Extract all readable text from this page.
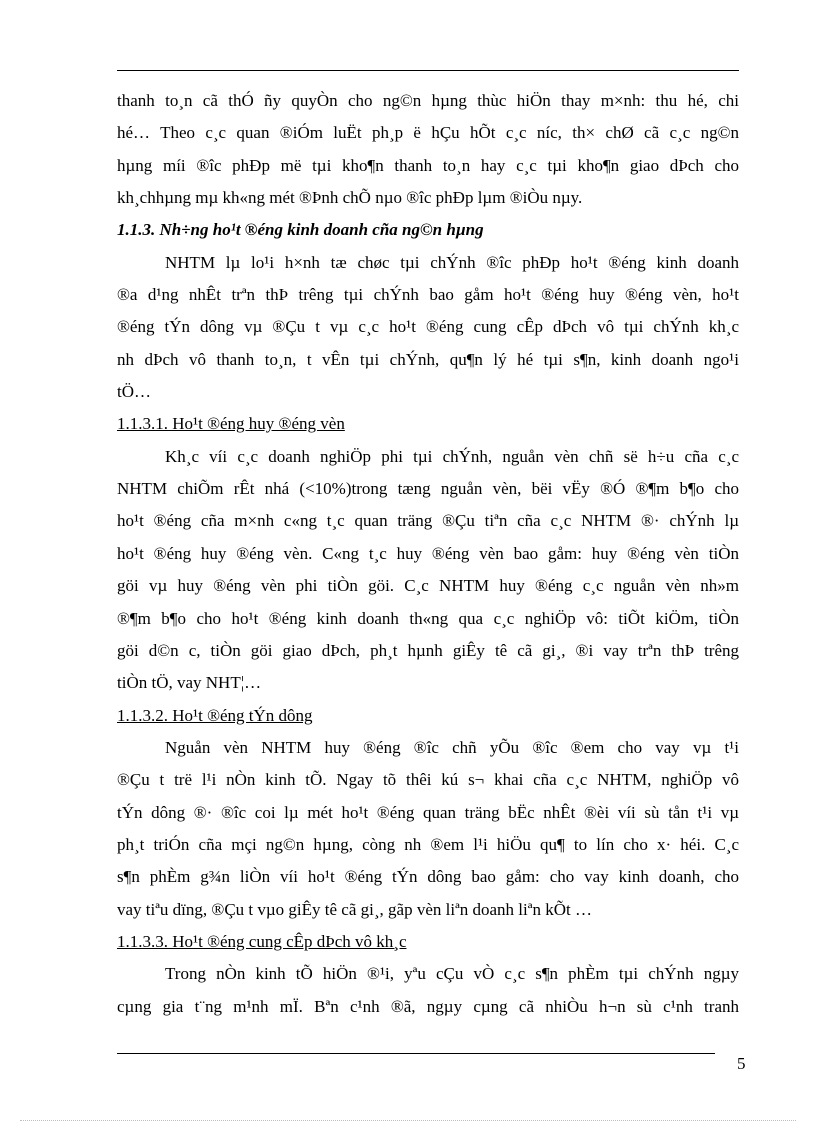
thanh to¸n cã thÓ ñy quyÒn cho ng©n hµng thùc hiÖn thay m×nh: thu hé, chi
hé… Theo c¸c quan ®iÓm luËt ph¸p ë hÇu hÕt c¸c níc, th× chØ cã c¸c ng©n
hµng míi ®îc phÐp më tµi kho¶n thanh to¸n hay c¸c tµi kho¶n giao dÞch cho
kh¸chhµng mµ kh«ng mét ®Þnh chÕ nµo ®îc phÐp lµm ®iÒu nµy.
1.1.3. Nh÷ng ho¹t ®éng kinh doanh cña ng©n hµng
NHTM lµ lo¹i h×nh tæ chøc tµi chÝnh ®îc phÐp ho¹t ®éng kinh doanh
®a d¹ng nhÊt trªn thÞ trêng tµi chÝnh bao gåm ho¹t ®éng huy ®éng vèn, ho¹t
®éng tÝn dông vµ ®Çu t vµ c¸c ho¹t ®éng cung cÊp dÞch vô tµi chÝnh kh¸c
nh dÞch vô thanh to¸n, t vÊn tµi chÝnh, qu¶n lý hé tµi s¶n, kinh doanh ngo¹i
tÖ…
1.1.3.1. Ho¹t ®éng huy ®éng vèn
Kh¸c víi c¸c doanh nghiÖp phi tµi chÝnh, nguån vèn chñ së h÷u cña c¸c
NHTM chiÕm rÊt nhá (<10%)trong tæng nguån vèn, bëi vËy ®Ó ®¶m b¶o cho
ho¹t ®éng cña m×nh c«ng t¸c quan träng ®Çu tiªn cña c¸c NHTM ®· chÝnh lµ
ho¹t ®éng huy ®éng vèn. C«ng t¸c huy ®éng vèn bao gåm: huy ®éng vèn tiÒn
göi vµ huy ®éng vèn phi tiÒn göi. C¸c NHTM huy ®éng c¸c nguån vèn nh»m
®¶m b¶o cho ho¹t ®éng kinh doanh th«ng qua c¸c nghiÖp vô: tiÕt kiÖm, tiÒn
göi d©n c, tiÒn göi giao dÞch, ph¸t hµnh giÊy tê cã gi¸, ®i vay trªn thÞ trêng
tiÒn tÖ, vay NHT¦…
1.1.3.2. Ho¹t ®éng tÝn dông
Nguån vèn NHTM huy ®éng ®îc chñ yÕu ®îc ®em cho vay vµ t¹i
®Çu t trë l¹i nÒn kinh tÕ. Ngay tõ thêi kú s¬ khai cña c¸c NHTM, nghiÖp vô
tÝn dông ®· ®îc coi lµ mét ho¹t ®éng quan träng bËc nhÊt ®èi víi sù tån t¹i vµ
ph¸t triÓn cña mçi ng©n hµng, còng nh ®em l¹i hiÖu qu¶ to lín cho x· héi. C¸c
s¶n phÈm g¾n liÒn víi ho¹t ®éng tÝn dông bao gåm: cho vay kinh doanh, cho
vay tiªu dïng, ®Çu t vµo giÊy tê cã gi¸, gãp vèn liªn doanh liªn kÕt …
1.1.3.3. Ho¹t ®éng cung cÊp dÞch vô kh¸c
Trong nÒn kinh tÕ hiÖn ®¹i, yªu cÇu vÒ c¸c s¶n phÈm tµi chÝnh ngµy
cµng gia t¨ng m¹nh mÏ. Bªn c¹nh ®ã, ngµy cµng cã nhiÒu h¬n sù c¹nh tranh
5
